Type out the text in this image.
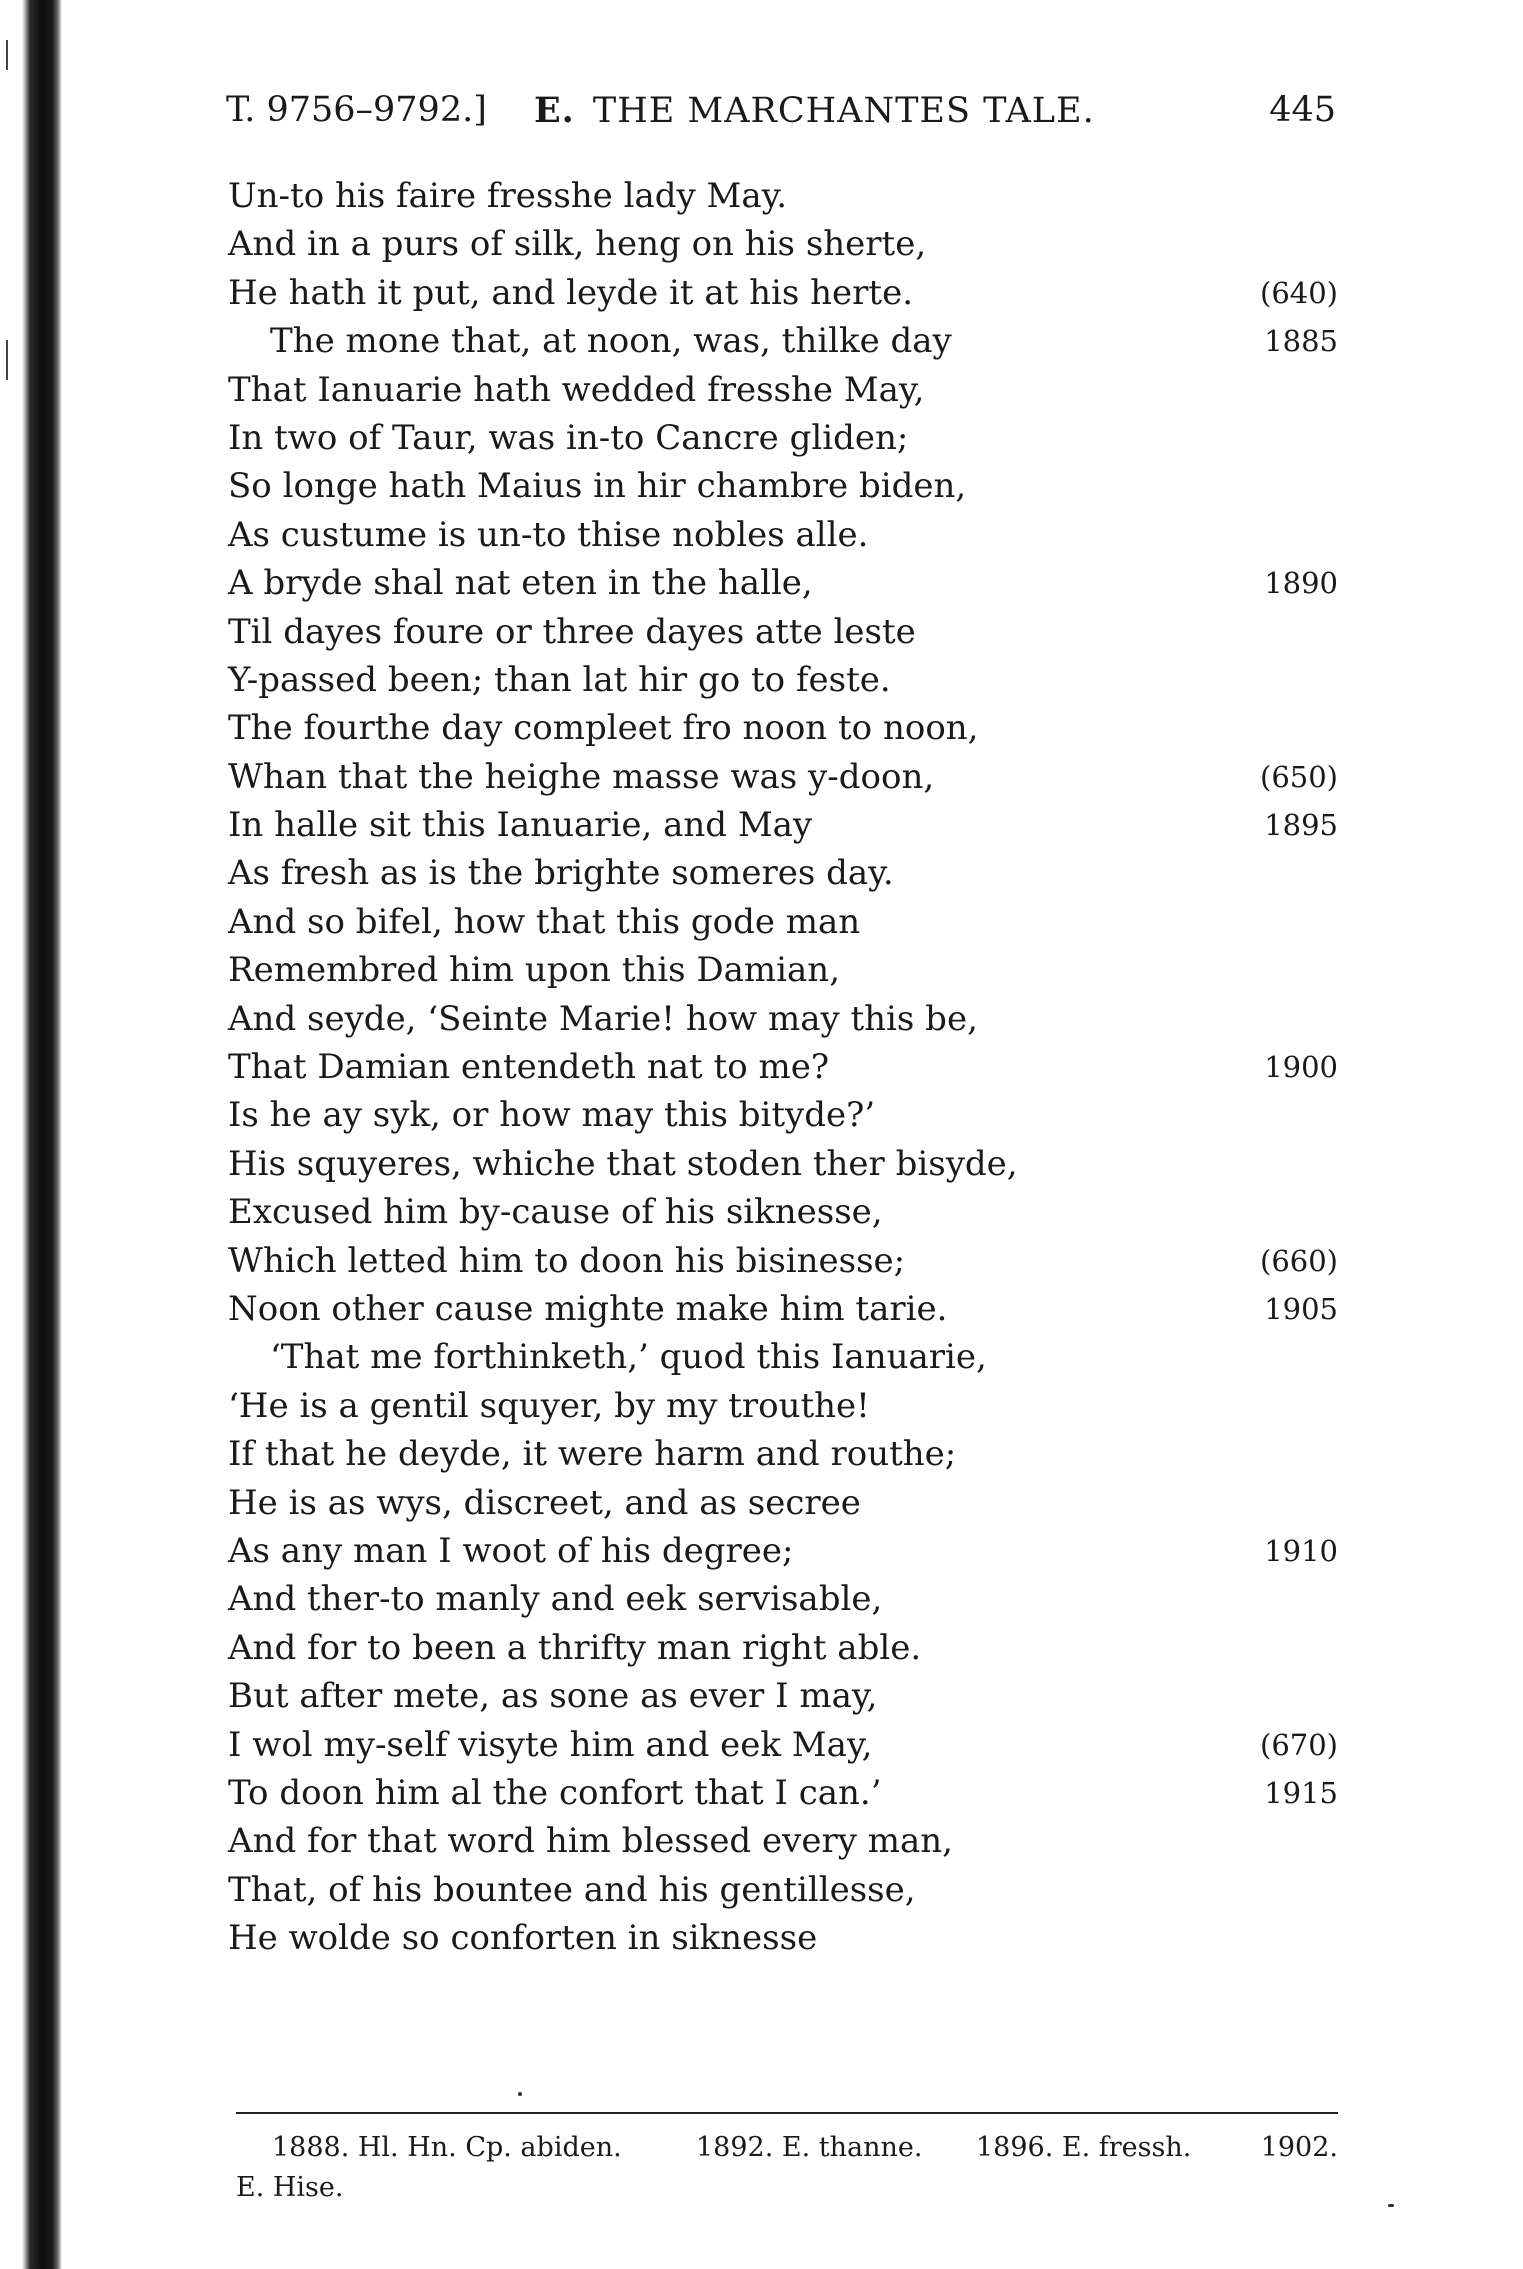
T. 9756–9792.] E. THE MARCHANTES TALE.	445
Un-to his faire fresshe lady May.
And in a purs of silk, heng on his sherte,
He hath it put, and leyde it at his herte.	(640)
The mone that, at noon, was, thilke day	1885
That Ianuarie hath wedded fresshe May,
In two of Taur, was in-to Cancre gliden;
So longe hath Maius in hir chambre biden,
As custume is un-to thise nobles alle.
A bryde shal nat eten in the halle,	1890
Til dayes foure or three dayes atte leste
Y-passed been; than lat hir go to feste.
The fourthe day compleet fro noon to noon,
Whan that the heighe masse was y-doon,	(650)
In halle sit this Ianuarie, and May	1895
As fresh as is the brighte someres day.
And so bifel, how that this gode man
Remembred him upon this Damian,
And seyde, ‘Seinte Marie! how may this be,
That Damian entendeth nat to me?	1900
Is he ay syk, or how may this bityde?’
His squyeres, whiche that stoden ther bisyde,
Excused him by-cause of his siknesse,
Which letted him to doon his bisinesse;	(660)
Noon other cause mighte make him tarie.	1905
‘That me forthinketh,’ quod this Ianuarie,
‘He is a gentil squyer, by my trouthe!
If that he deyde, it were harm and routhe;
He is as wys, discreet, and as secree
As any man I woot of his degree;	1910
And ther-to manly and eek servisable,
And for to been a thrifty man right able.
But after mete, as sone as ever I may,
I wol my-self visyte him and eek May,	(670)
To doon him al the confort that I can.’	1915
And for that word him blessed every man,
That, of his bountee and his gentillesse,
He wolde so conforten in siknesse
1888. Hl. Hn. Cp. abiden.	1892. E. thanne. 1896. E. fressh.	1902.
E. Hise.
